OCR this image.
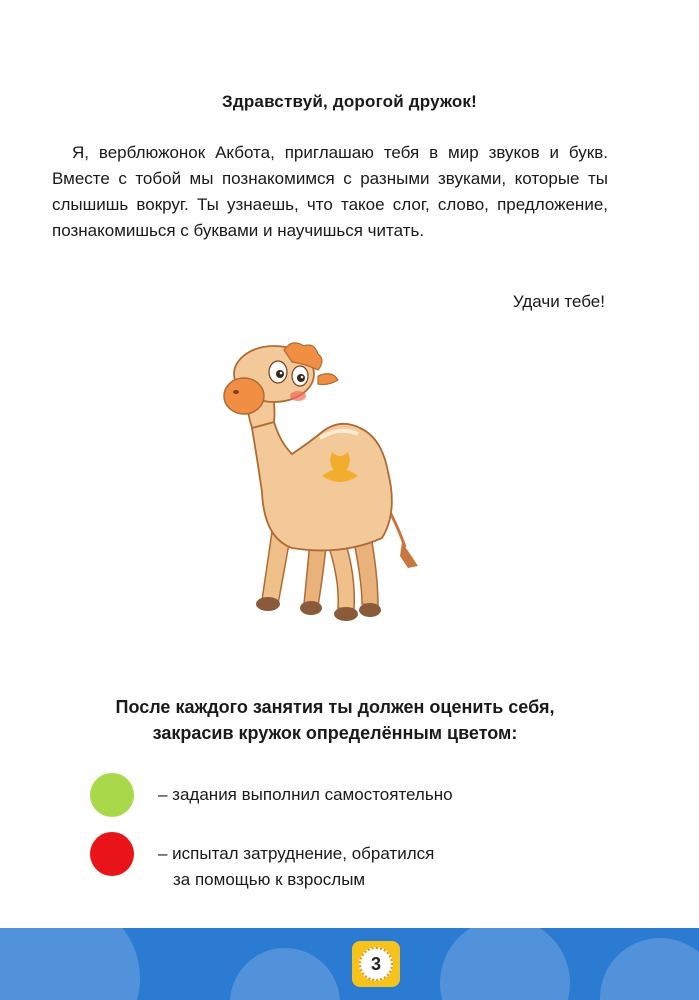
Здравствуй, дорогой дружок!
Я, верблюжонок Акбота, приглашаю тебя в мир звуков и букв. Вместе с тобой мы познакомимся с разными звуками, которые ты слышишь вокруг. Ты узнаешь, что такое слог, слово, предложение, познакомишься с буквами и научишься читать.
Удачи тебе!
После каждого занятия ты должен оценить себя,
закрасив кружок определённым цветом:
– задания выполнил самостоятельно
– испытал затруднение, обратился
за помощью к взрослым
3
